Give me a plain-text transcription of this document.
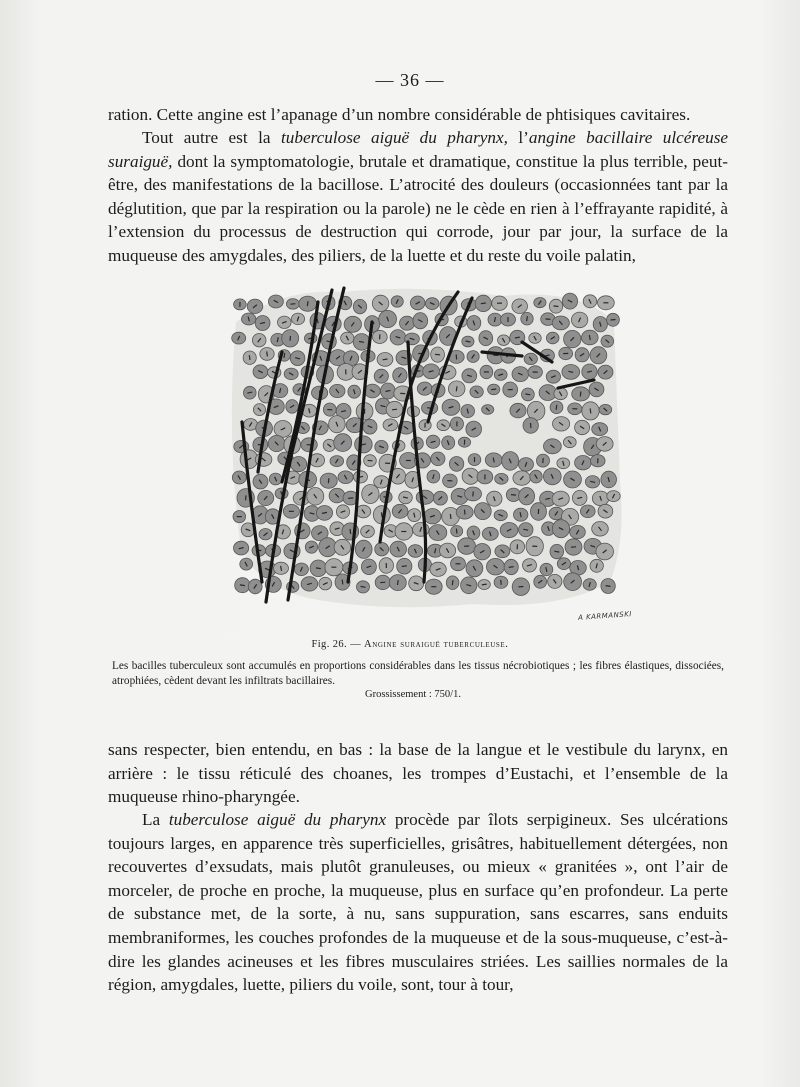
— 36 —

ration. Cette angine est l’apanage d’un nombre considérable de phtisiques cavitaires.

Tout autre est la tuberculose aiguë du pharynx, l’angine bacillaire ulcéreuse suraiguë, dont la symptomatologie, brutale et dramatique, constitue la plus terrible, peut-être, des manifestations de la bacillose. L’atrocité des douleurs (occasionnées tant par la déglutition, que par la respiration ou la parole) ne le cède en rien à l’effrayante rapidité, à l’extension du processus de destruction qui corrode, jour par jour, la surface de la muqueuse des amygdales, des piliers, de la luette et du reste du voile palatin,

A KARMANSKI
Fig. 26. — Angine suraiguë tuberculeuse.

Les bacilles tuberculeux sont accumulés en proportions considérables dans les tissus nécrobiotiques ; les fibres élastiques, dissociées, atrophiées, cèdent devant les infiltrats bacillaires.

Grossissement : 750/1.

sans respecter, bien entendu, en bas : la base de la langue et le vestibule du larynx, en arrière : le tissu réticulé des choanes, les trompes d’Eustachi, et l’ensemble de la muqueuse rhino-pharyngée.

La tuberculose aiguë du pharynx procède par îlots serpigineux. Ses ulcérations toujours larges, en apparence très superficielles, grisâtres, habituellement détergées, non recouvertes d’exsudats, mais plutôt granuleuses, ou mieux « granitées », ont l’air de morceler, de proche en proche, la muqueuse, plus en surface qu’en profondeur. La perte de substance met, de la sorte, à nu, sans suppuration, sans escarres, sans enduits membraniformes, les couches profondes de la muqueuse et de la sous-muqueuse, c’est-à-dire les glandes acineuses et les fibres musculaires striées. Les saillies normales de la région, amygdales, luette, piliers du voile, sont, tour à tour,
